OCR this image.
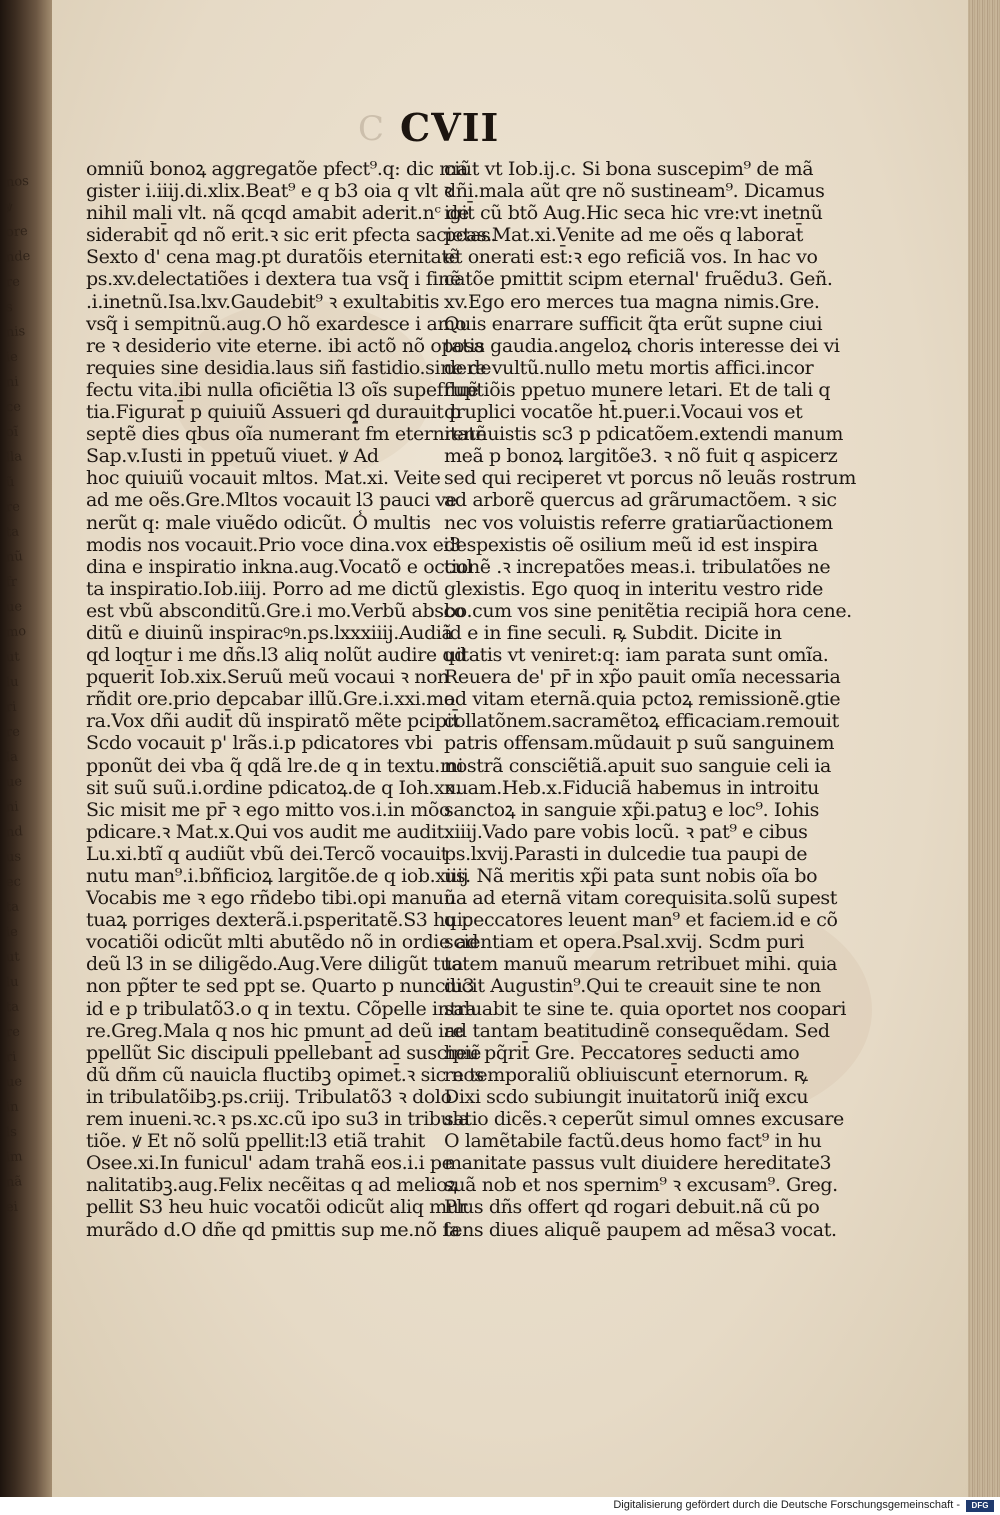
nos
ꝟ
ore
nde
re
s
nis
ie
ni
ce
oĩ
lla
ũ
re
ta
nũ
fr
ue
mo
ut
lu
ri
re
la
ue
ni
nd
us
ec
ta
ie
ut
lu
ta
re
ri
ue
in
ls
im
nã
ei
C CVII
omniũ bonoꝝ aggregatõe pfect⁹.q: dic ma
gister i.iiij.di.xlix.Beat⁹ e q b3 oia q vlt ꝛ
nihil mali vlt. nã qcqd amabit aderit.nᶜ de
siderabit̄ qd nõ erit.ꝛ sic erit pfecta sacietas.
Sexto d' cena mag.pt duratõis eternitatẽ
ps.xv.delectatiões i dextera tua vsq̃ i finẽ
.i.inetnũ.Isa.lxv.Gaudebit⁹ ꝛ exultabitis
vsq̃ i sempitnũ.aug.O hõ exardesce i amo
re ꝛ desiderio vite eterne. ibi actõ nõ oposa
requies sine desidia.laus siñ fastidio.sine de
fectu vita.ibi nulla oficiẽtia l3 oĩs supeffluẽ
tia.Figurat̄ p quiuiũ Assueri qd durauit p
septẽ dies qbus oĩa numerant̄ fm eternitatẽ
Sap.v.Iusti in ppetuũ viuet. ꝟ Ad
hoc quiuiũ vocauit mltos. Mat.xi. Veite
ad me oẽs.Gre.Mltos vocauit l3 pauci ve
nerũt q: male viuẽdo odicũt. O̾ multis
modis nos vocauit.Prio voce dina.vox ei3
dina e inspiratio inkna.aug.Vocatõ e occul
ta inspiratio.Iob.iiij. Porro ad me dictũ
est vbũ absconditũ.Gre.i mo.Verbũ absco
ditũ e diuinũ inspiracꝰn.ps.lxxxiiij.Audiã
qd loqtur i me dñs.l3 aliq nolũt audire qd
pquerit̄ Iob.xix.Seruũ meũ vocaui ꝛ non
rñdit ore.prio depcabar illũ.Gre.i.xxi.mo
ra.Vox dñi audit̄ dũ inspiratõ mẽte pcipit̄
Scdo vocauit p' lrãs.i.p pdicatores vbi
pponũt dei vba q̃ qdã lre.de q in textu.mi
sit suũ suũ.i.ordine pdicatoꝝ.de q Ioh.xx.
Sic misit me pr̄ ꝛ ego mitto vos.i.in mõo
pdicare.ꝛ Mat.x.Qui vos audit me audit.
Lu.xi.btĩ q audiũt vbũ dei.Tercõ vocauit
nutu man⁹.i.bñficioꝝ largitõe.de q iob.xiiij
Vocabis me ꝛ ego rñdebo tibi.opi manuũ
tuaꝝ porriges dexterã.i.psperitatẽ.S3 huic
vocatiõi odicũt mlti abutẽdo nõ in ordie ad
deũ l3 in se diligẽdo.Aug.Vere diligũt tua
non pp̃ter te sed ppt se. Quarto p nunciu3
id e p tribulatõ3.o q in textu. Cõpelle intra
re.Greg.Mala q nos hic pmunt ad deũ ire
ppellũt Sic discipuli ppellebant̄ ad suscipiẽ
dũ dñm cũ nauicla fluctibꝫ opimet̄.ꝛ sic nos
in tribulatõibꝫ.ps.criij. Tribulatõ3 ꝛ dolo
rem inueni.ꝛc.ꝛ ps.xc.cũ ipo su3 in tribula
tiõe. ꝟ Et nõ solũ ppellit:l3 etiã trahit
Osee.xi.In funicul' adam trahã eos.i.i pe
nalitatibꝫ.aug.Felix necẽitas q ad melioꝝ
pellit S3 heu huic vocatõi odicũt aliq mur
murãdo d.O dñe qd pmittis sup me.nõ fa
ciũt vt Iob.ij.c. Si bona suscepim⁹ de mã
dñi.mala aũt qre nõ sustineam⁹. Dicamus
igit̄ cũ btõ Aug.Hic seca hic vre:vt inetnũ
pcas.Mat.xi.Venite ad me oẽs q laborat̄
et onerati est̄:ꝛ ego reficiã vos. In hac vo
catõe pmittit scipm eternal' fruẽdu3. Geñ.
xv.Ego ero merces tua magna nimis.Gre.
Quis enarrare sufficit q̃ta erũt supne ciui
tatis gaudia.angeloꝝ choris interesse dei vi
dere vultũ.nullo metu mortis affici.incor
ruptiõis ppetuo munere letari. Et de tali q
druplici vocatõe ht̄.puer.i.Vocaui vos et
rennuistis sc3 p pdicatõem.extendi manum
meã p bonoꝝ largitõe3. ꝛ nõ fuit q aspicerz
sed qui reciperet vt porcus nõ leuãs rostrum
ad arborẽ quercus ad grãrumactõem. ꝛ sic
nec vos voluistis referre gratiarũactionem
despexistis oẽ osilium meũ id est inspira
tionẽ .ꝛ increpatões meas.i. tribulatões ne
glexistis. Ego quoq in interitu vestro ride
bo.cum vos sine penitẽtia recipiã hora cene.
id e in fine seculi. ꝶ Subdit. Dicite in
uitatis vt veniret:q: iam parata sunt omĩa.
Reuera de' pr̄ in xp̃o pauit omĩa necessaria
ad vitam eternã.quia pctoꝝ remissionẽ.gtie
collatõnem.sacramẽtoꝝ efficaciam.remouit
patris offensam.mũdauit p suũ sanguinem
nostrã consciẽtiã.apuit suo sanguie celi ia
nuam.Heb.x.Fiduciã habemus in introitu
sanctoꝝ in sanguie xp̃i.patuꝫ e loc⁹. Iohis
xiiij.Vado pare vobis locũ. ꝛ pat⁹ e cibus
ps.lxvij.Parasti in dulcedie tua paupi de
us. Nã meritis xp̃i pata sunt nobis oĩa bo
na ad eternã vitam corequisita.solũ supest
q peccatores leuent man⁹ et faciem.id e cõ
scientiam et opera.Psal.xvij. Scdm puri
tatem manuũ mearum retribuet mihi. quia
dicit Augustin⁹.Qui te creauit sine te non
saluabit te sine te. quia oportet nos coopari
ad tantam beatitudinẽ consequẽdam. Sed
heu pq̃rit̄ Gre. Peccatores seducti amo
re temporaliũ obliuiscunt̄ eternorum. ꝶ
Dixi scdo subiungit inuitatorũ iniq̃ excu
satio dicẽs.ꝛ ceperũt simul omnes excusare
O lamẽtabile factũ.deus homo fact⁹ in hu
manitate passus vult diuidere hereditate3
suã nob et nos spernim⁹ ꝛ excusam⁹. Greg.
Plus dñs offert qd rogari debuit.nã cũ po
tens diues aliquẽ paupem ad mẽsa3 vocat.
Digitalisierung gefördert durch die Deutsche Forschungsgemeinschaft -	DFG
